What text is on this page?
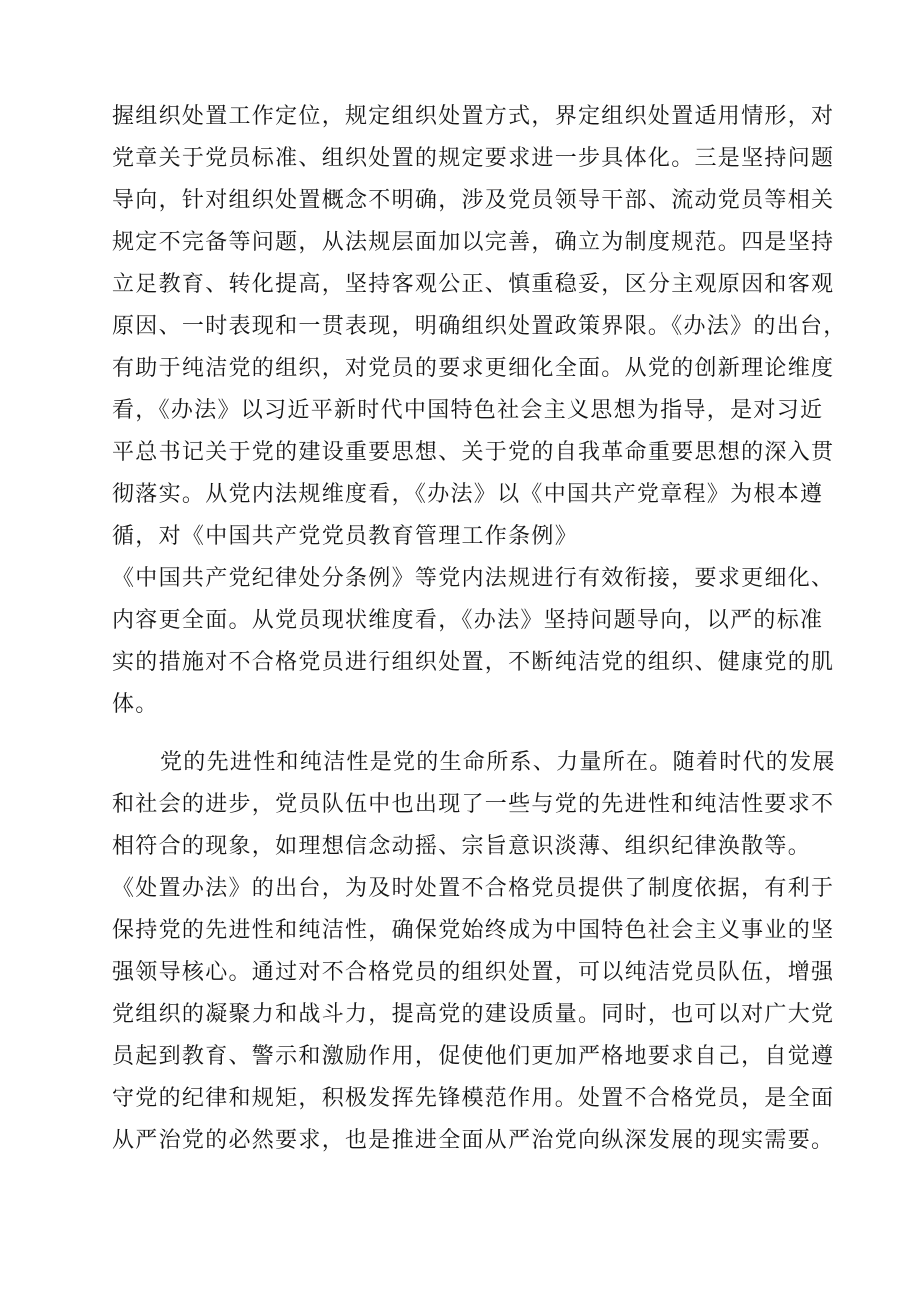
握组织处置工作定位，规定组织处置方式，界定组织处置适用情形，对
党章关于党员标准、组织处置的规定要求进一步具体化。三是坚持问题
导向，针对组织处置概念不明确，涉及党员领导干部、流动党员等相关
规定不完备等问题，从法规层面加以完善，确立为制度规范。四是坚持
立足教育、转化提高，坚持客观公正、慎重稳妥，区分主观原因和客观
原因、一时表现和一贯表现，明确组织处置政策界限。《办法》的出台，
有助于纯洁党的组织，对党员的要求更细化全面。从党的创新理论维度
看，《办法》以习近平新时代中国特色社会主义思想为指导，是对习近
平总书记关于党的建设重要思想、关于党的自我革命重要思想的深入贯
彻落实。从党内法规维度看，《办法》以《中国共产党章程》为根本遵
循，对《中国共产党党员教育管理工作条例》
《中国共产党纪律处分条例》等党内法规进行有效衔接，要求更细化、
内容更全面。从党员现状维度看，《办法》坚持问题导向，以严的标准
实的措施对不合格党员进行组织处置，不断纯洁党的组织、健康党的肌
体。
党的先进性和纯洁性是党的生命所系、力量所在。随着时代的发展
和社会的进步，党员队伍中也出现了一些与党的先进性和纯洁性要求不
相符合的现象，如理想信念动摇、宗旨意识淡薄、组织纪律涣散等。
《处置办法》的出台，为及时处置不合格党员提供了制度依据，有利于
保持党的先进性和纯洁性，确保党始终成为中国特色社会主义事业的坚
强领导核心。通过对不合格党员的组织处置，可以纯洁党员队伍，增强
党组织的凝聚力和战斗力，提高党的建设质量。同时，也可以对广大党
员起到教育、警示和激励作用，促使他们更加严格地要求自己，自觉遵
守党的纪律和规矩，积极发挥先锋模范作用。处置不合格党员，是全面
从严治党的必然要求，也是推进全面从严治党向纵深发展的现实需要。
